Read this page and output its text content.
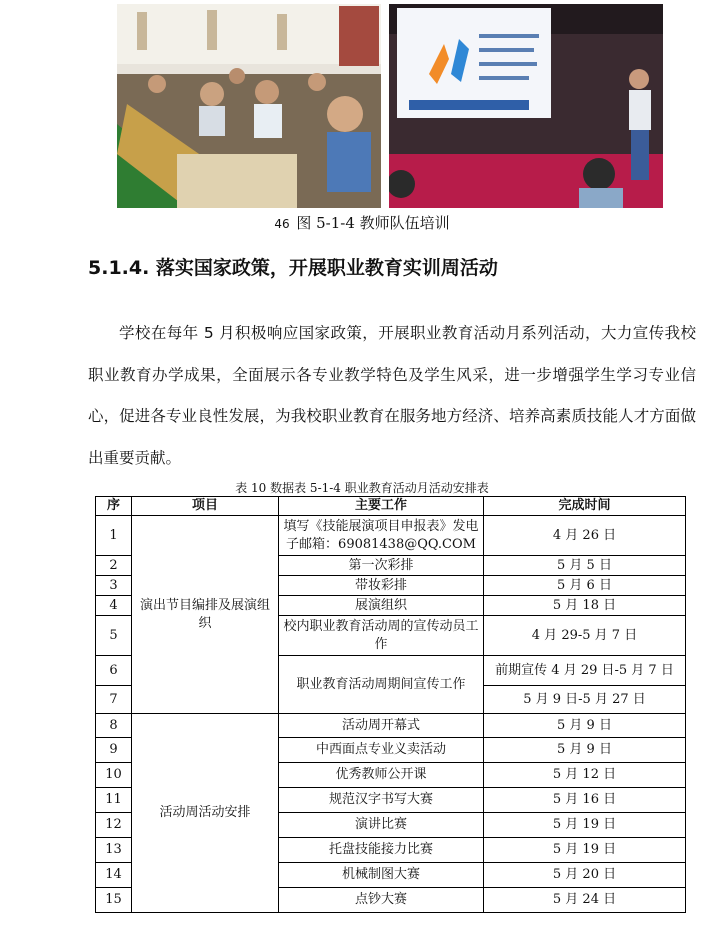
46 图 5-1-4 教师队伍培训
5.1.4. 落实国家政策，开展职业教育实训周活动

学校在每年 5 月积极响应国家政策，开展职业教育活动月系列活动，大力宣传我校职业教育办学成果，全面展示各专业教学特色及学生风采，进一步增强学生学习专业信心，促进各专业良性发展，为我校职业教育在服务地方经济、培养高素质技能人才方面做出重要贡献。

表 10 数据表 5-1-4 职业教育活动月活动安排表
序	项目	主要工作	完成时间
1	演出节目编排及展演组织	填写《技能展演项目申报表》发电子邮箱：69081438@QQ.COM	4 月 26 日
2		第一次彩排	5 月 5 日
3		带妆彩排	5 月 6 日
4		展演组织	5 月 18 日
5		校内职业教育活动周的宣传动员工作	4 月 29-5 月 7 日
6		职业教育活动周期间宣传工作	前期宣传 4 月 29 日-5 月 7 日
7			5 月 9 日-5 月 27 日
8	活动周活动安排	活动周开幕式	5 月 9 日
9		中西面点专业义卖活动	5 月 9 日
10		优秀教师公开课	5 月 12 日
11		规范汉字书写大赛	5 月 16 日
12		演讲比赛	5 月 19 日
13		托盘技能接力比赛	5 月 19 日
14		机械制图大赛	5 月 20 日
15		点钞大赛	5 月 24 日
